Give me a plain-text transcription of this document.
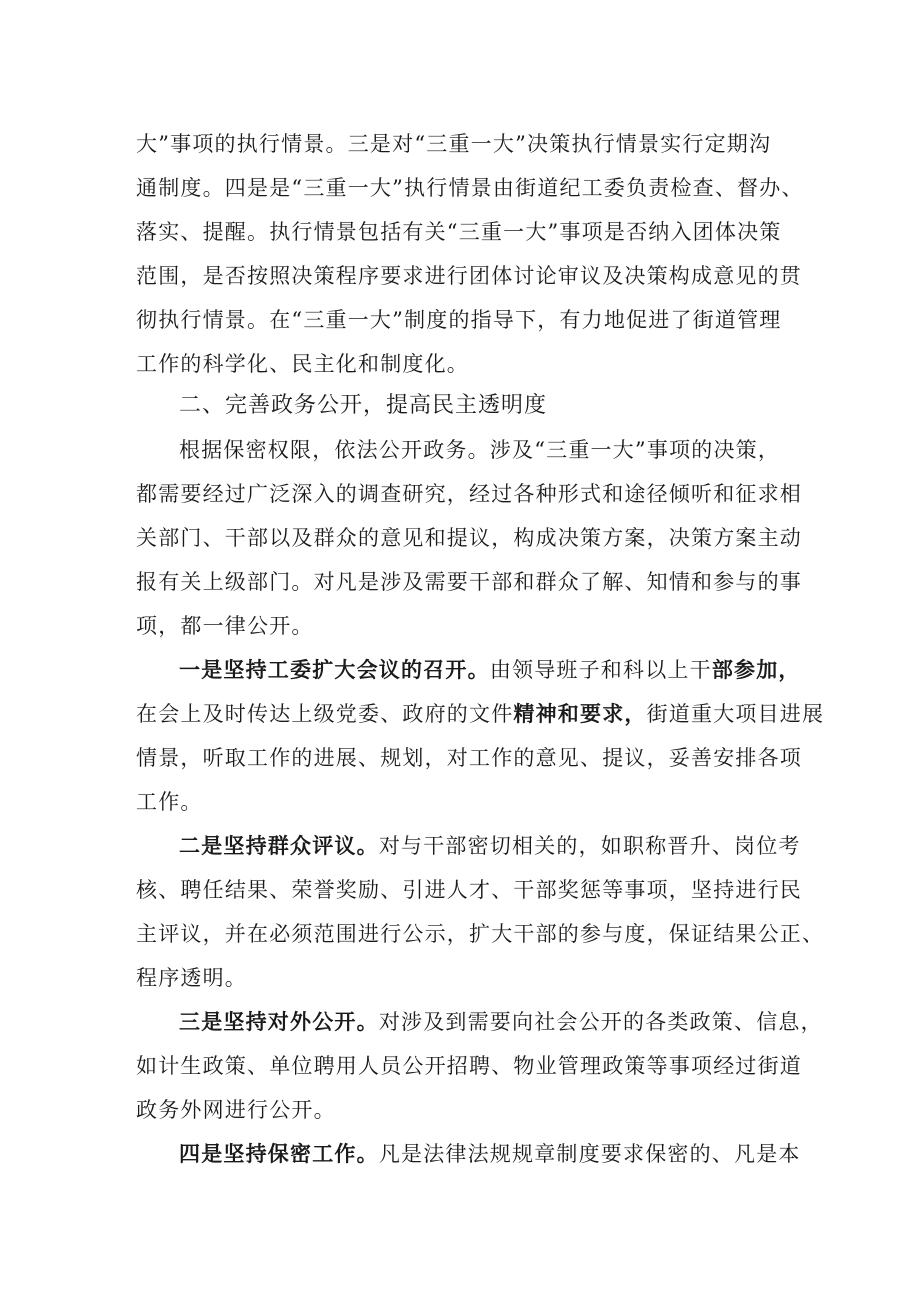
大”事项的执行情景。三是对“三重一大”决策执行情景实行定期沟
通制度。四是是“三重一大”执行情景由街道纪工委负责检查、督办、
落实、提醒。执行情景包括有关“三重一大”事项是否纳入团体决策
范围，是否按照决策程序要求进行团体讨论审议及决策构成意见的贯
彻执行情景。在“三重一大”制度的指导下，有力地促进了街道管理
工作的科学化、民主化和制度化。
二、完善政务公开，提高民主透明度
根据保密权限，依法公开政务。涉及“三重一大”事项的决策，
都需要经过广泛深入的调查研究，经过各种形式和途径倾听和征求相
关部门、干部以及群众的意见和提议，构成决策方案，决策方案主动
报有关上级部门。对凡是涉及需要干部和群众了解、知情和参与的事
项，都一律公开。
一是坚持工委扩大会议的召开。由领导班子和科以上干部参加，
在会上及时传达上级党委、政府的文件精神和要求，街道重大项目进展
情景，听取工作的进展、规划，对工作的意见、提议，妥善安排各项
工作。
二是坚持群众评议。对与干部密切相关的，如职称晋升、岗位考
核、聘任结果、荣誉奖励、引进人才、干部奖惩等事项，坚持进行民
主评议，并在必须范围进行公示，扩大干部的参与度，保证结果公正、
程序透明。
三是坚持对外公开。对涉及到需要向社会公开的各类政策、信息，
如计生政策、单位聘用人员公开招聘、物业管理政策等事项经过街道
政务外网进行公开。
四是坚持保密工作。凡是法律法规规章制度要求保密的、凡是本
